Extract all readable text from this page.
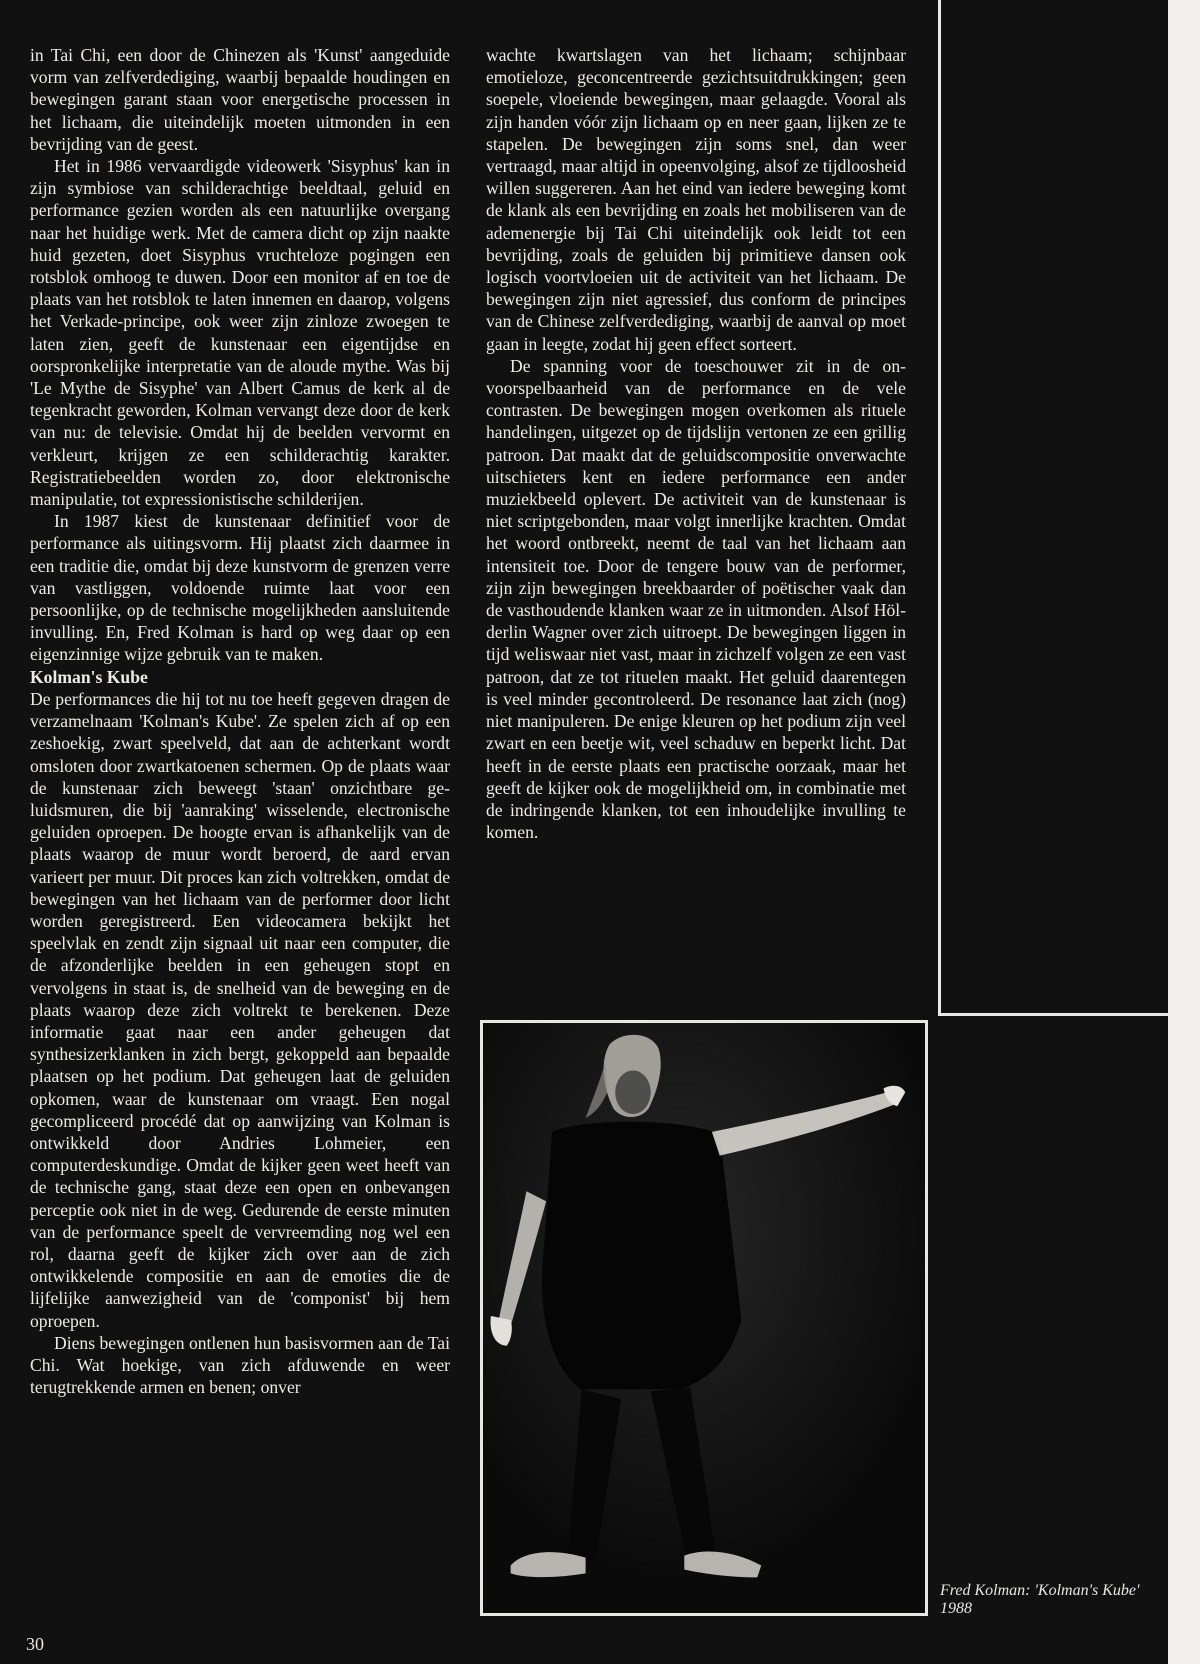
in Tai Chi, een door de Chinezen als 'Kunst' aangeduide vorm van zelfverdediging, waarbij bepaalde houdingen en bewegingen garant staan voor energetische processen in het lichaam, die uiteindelijk moeten uitmonden in een bevrijding van de geest.

Het in 1986 vervaardigde videowerk 'Sisyphus' kan in zijn symbiose van schilderachtige beeldtaal, geluid en performance gezien worden als een natuurlijke overgang naar het huidige werk. Met de camera dicht op zijn naakte huid gezeten, doet Sisyphus vruchteloze pogingen een rotsblok omhoog te duwen. Door een monitor af en toe de plaats van het rotsblok te laten innemen en daarop, volgens het Verkade-principe, ook weer zijn zinloze zwoegen te laten zien, geeft de kunstenaar een eigentijdse en oorspronkelijke interpretatie van de aloude mythe. Was bij 'Le Mythe de Sisyphe' van Albert Camus de kerk al de tegenkracht geworden, Kolman vervangt deze door de kerk van nu: de televisie. Omdat hij de beelden vervormt en verkleurt, krijgen ze een schilderachtig karakter. Registratiebeelden worden zo, door elektronische manipulatie, tot expressionistische schilderijen.

In 1987 kiest de kunstenaar definitief voor de performance als uitingsvorm. Hij plaatst zich daarmee in een traditie die, omdat bij deze kunstvorm de grenzen verre van vastliggen, voldoende ruimte laat voor een persoonlijke, op de technische mogelijkheden aansluitende invulling. En, Fred Kolman is hard op weg daar op een eigenzinnige wijze gebruik van te maken.

Kolman's Kube

De performances die hij tot nu toe heeft gegeven dragen de verzamelnaam 'Kolman's Kube'. Ze spelen zich af op een zeshoekig, zwart speelveld, dat aan de achterkant wordt omsloten door zwartkatoenen schermen. Op de plaats waar de kunstenaar zich beweegt 'staan' onzichtbare geluidsmuren, die bij 'aanraking' wisselende, electronische geluiden oproepen. De hoogte ervan is afhankelijk van de plaats waarop de muur wordt beroerd, de aard ervan varieert per muur. Dit proces kan zich voltrekken, omdat de bewegingen van het lichaam van de performer door licht worden geregistreerd. Een videocamera bekijkt het speelvlak en zendt zijn signaal uit naar een computer, die de afzonderlijke beelden in een geheugen stopt en vervolgens in staat is, de snelheid van de beweging en de plaats waarop deze zich voltrekt te berekenen. Deze informatie gaat naar een ander geheugen dat synthesizerklanken in zich bergt, gekoppeld aan bepaalde plaatsen op het podium. Dat geheugen laat de geluiden opkomen, waar de kunstenaar om vraagt. Een nogal gecompliceerd procédé dat op aanwijzing van Kolman is ontwikkeld door Andries Lohmeier, een computerdeskundige. Omdat de kijker geen weet heeft van de technische gang, staat deze een open en onbevangen perceptie ook niet in de weg. Gedurende de eerste minuten van de performance speelt de vervreemding nog wel een rol, daarna geeft de kijker zich over aan de zich ontwikkelende compositie en aan de emoties die de lijfelijke aanwezigheid van de 'componist' bij hem oproepen.

Diens bewegingen ontlenen hun basisvormen aan de Tai Chi. Wat hoekige, van zich afduwende en weer terugtrekkende armen en benen; onver

wachte kwartslagen van het lichaam; schijnbaar emotieloze, geconcentreerde gezichtsuitdrukkingen; geen soepele, vloeiende bewegingen, maar gelaagde. Vooral als zijn handen vóór zijn lichaam op en neer gaan, lijken ze te stapelen. De bewegingen zijn soms snel, dan weer vertraagd, maar altijd in opeenvolging, alsof ze tijdloosheid willen suggereren. Aan het eind van iedere beweging komt de klank als een bevrijding en zoals het mobiliseren van de ademenergie bij Tai Chi uiteindelijk ook leidt tot een bevrijding, zoals de geluiden bij primitieve dansen ook logisch voortvloeien uit de activiteit van het lichaam. De bewegingen zijn niet agressief, dus conform de principes van de Chinese zelfverdediging, waarbij de aanval op moet gaan in leegte, zodat hij geen effect sorteert.

De spanning voor de toeschouwer zit in de onvoorspelbaarheid van de performance en de vele contrasten. De bewegingen mogen overkomen als rituele handelingen, uitgezet op de tijdslijn vertonen ze een grillig patroon. Dat maakt dat de geluidscompositie onverwachte uitschieters kent en iedere performance een ander muziekbeeld oplevert. De activiteit van de kunstenaar is niet scriptgebonden, maar volgt innerlijke krachten. Omdat het woord ontbreekt, neemt de taal van het lichaam aan intensiteit toe. Door de tengere bouw van de performer, zijn zijn bewegingen breekbaarder of poëtischer vaak dan de vasthoudende klanken waar ze in uitmonden. Alsof Hölderlin Wagner over zich uitroept. De bewegingen liggen in tijd weliswaar niet vast, maar in zichzelf volgen ze een vast patroon, dat ze tot rituelen maakt. Het geluid daarentegen is veel minder gecontroleerd. De resonance laat zich (nog) niet manipuleren. De enige kleuren op het podium zijn veel zwart en een beetje wit, veel schaduw en beperkt licht. Dat heeft in de eerste plaats een practische oorzaak, maar het geeft de kijker ook de mogelijkheid om, in combinatie met de indringende klanken, tot een inhoudelijke invulling te komen.

Fred Kolman: 'Kolman's Kube'
1988
30
